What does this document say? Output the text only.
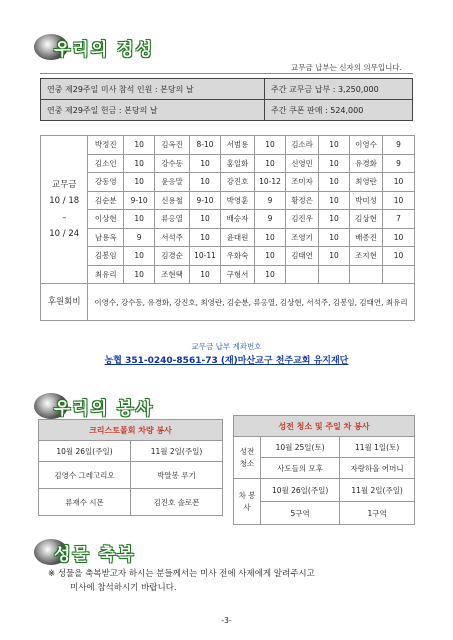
우리의 정성
교무금 납부는 신자의 의무입니다.
연중 제29주일 미사 참석 인원 : 본당의 날	주간 교무금 납부 : 3,250,000
연중 제29주일 헌금 : 본당의 날	주간 쿠폰 판매 : 524,000
교무금
10 / 18
–
10 / 24	박정진	10	김옥진	8-10	서범용	10	김소라	10	이영수	9
	김소인	10	강수동	10	홍일화	10	신영민	10	유경화	9
	강동영	10	윤응말	10	강진호	10-12	조미자	10	최영란	10
	김순분	9-10	신용철	9-10	박영훈	9	황정은	10	박미성	10
	이상현	10	류옹열	10	배승자	9	김진우	10	김상현	7
	남용옥	9	서석주	10	윤대원	10	조영기	10	배종진	10
	김봉임	10	김경순	10-11	우화숙	10	김태연	10	조지현	10
	최유리	10	조현택	10	구형서	10				
후원회비	이영수, 강수동, 유경화, 강진호, 최영란, 김순분, 류옹열, 김상현, 서석주, 김봉임, 김태연, 최유리									
교무금 납부 계좌번호
농협 351-0240-8561-73 (재)마산교구 천주교회 유지재단
우리의 봉사
크리스토폴회 차량 봉사	
10월 26일(주일)	11월 2일(주일)
김영수 그레고리오	박말봉 루기
류재수 시몬	김진호 솔로몬
성전 청소 및 주일 차 봉사		
성전 청소	10월 25일(토)	11월 1일(토)
	사도들의 모후	자랑하올 어머니
차 봉사	10월 26일(주일)	11월 2일(주일)
	5구역	1구역
성물 축복
※ 성물을 축복받고자 하시는 분들께서는 미사 전에 사제에게 알려주시고
미사에 참석하시기 바랍니다.
-3-
